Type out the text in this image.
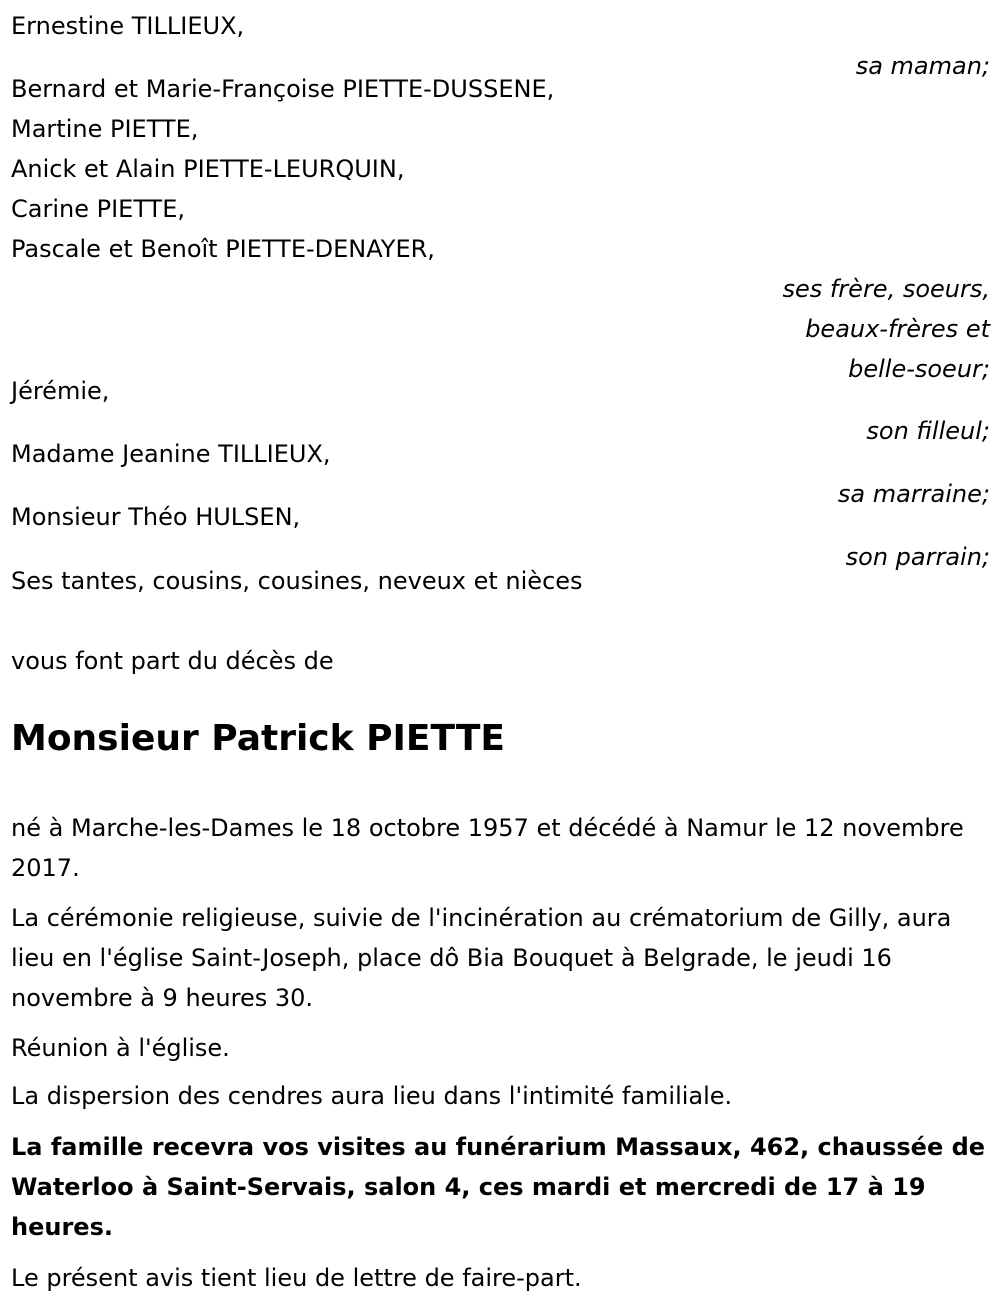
Ernestine TILLIEUX,
sa maman;
Bernard et Marie-Françoise PIETTE-DUSSENE,
Martine PIETTE,
Anick et Alain PIETTE-LEURQUIN,
Carine PIETTE,
Pascale et Benoît PIETTE-DENAYER,
ses frère, soeurs,
beaux-frères et
belle-soeur;
Jérémie,
son filleul;
Madame Jeanine TILLIEUX,
sa marraine;
Monsieur Théo HULSEN,
son parrain;
Ses tantes, cousins, cousines, neveux et nièces
vous font part du décès de
Monsieur Patrick PIETTE

né à Marche-les-Dames le 18 octobre 1957 et décédé à Namur le 12 novembre 2017.

La cérémonie religieuse, suivie de l'incinération au crématorium de Gilly, aura lieu en l'église Saint-Joseph, place dô Bia Bouquet à Belgrade, le jeudi 16 novembre à 9 heures 30.

Réunion à l'église.

La dispersion des cendres aura lieu dans l'intimité familiale.

La famille recevra vos visites au funérarium Massaux, 462, chaussée de Waterloo à Saint-Servais, salon 4, ces mardi et mercredi de 17 à 19 heures.

Le présent avis tient lieu de lettre de faire-part.
